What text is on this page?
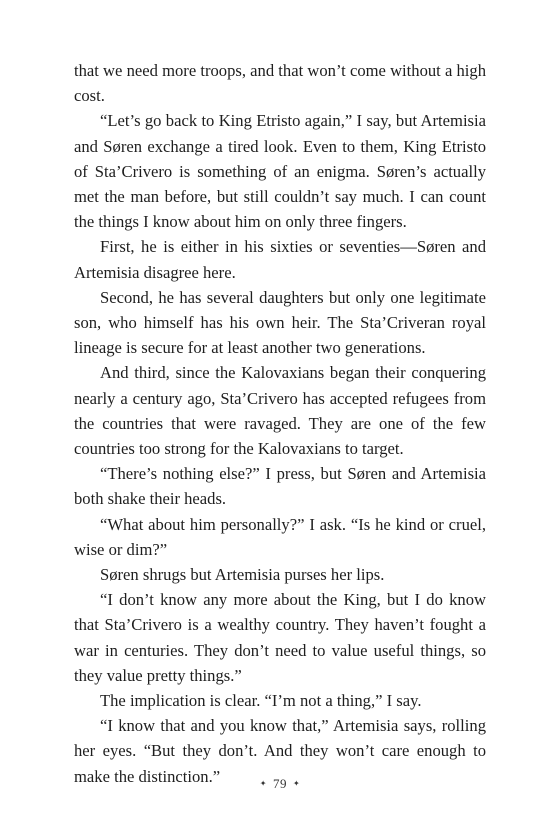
that we need more troops, and that won’t come without a high cost.

“Let’s go back to King Etristo again,” I say, but Artemisia and Søren exchange a tired look. Even to them, King Etristo of Sta’Crivero is something of an enigma. Søren’s actually met the man before, but still couldn’t say much. I can count the things I know about him on only three fingers.

First, he is either in his sixties or seventies—Søren and Artemisia disagree here.

Second, he has several daughters but only one legitimate son, who himself has his own heir. The Sta’Criveran royal lineage is secure for at least another two generations.

And third, since the Kalovaxians began their conquering nearly a century ago, Sta’Crivero has accepted refugees from the countries that were ravaged. They are one of the few countries too strong for the Kalovaxians to target.

“There’s nothing else?” I press, but Søren and Artemisia both shake their heads.

“What about him personally?” I ask. “Is he kind or cruel, wise or dim?”

Søren shrugs but Artemisia purses her lips.

“I don’t know any more about the King, but I do know that Sta’Crivero is a wealthy country. They haven’t fought a war in centuries. They don’t need to value useful things, so they value pretty things.”

The implication is clear. “I’m not a thing,” I say.

“I know that and you know that,” Artemisia says, rolling her eyes. “But they don’t. And they won’t care enough to make the distinction.”	✦ 79 ✦
